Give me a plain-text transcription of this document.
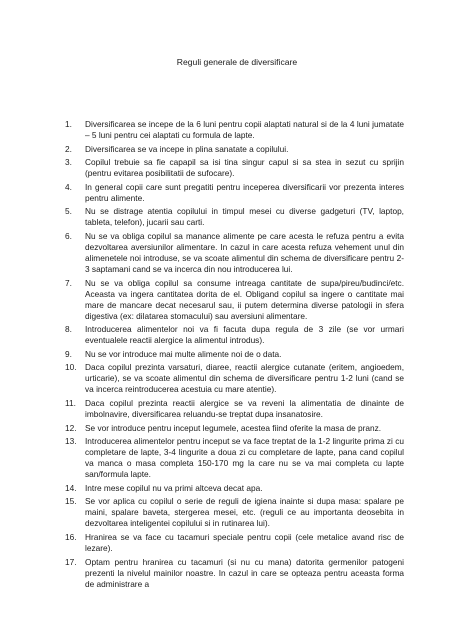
Reguli generale de diversificare
1.	Diversificarea se incepe de la 6 luni pentru copii alaptati natural si de la 4 luni jumatate – 5 luni pentru cei alaptati cu formula de lapte.
2.	Diversificarea se va incepe in plina sanatate a copilului.
3.	Copilul trebuie sa fie capapil sa isi tina singur capul si sa stea in sezut cu sprijin (pentru evitarea posibilitatii de sufocare).
4.	In general copii care sunt pregatiti pentru inceperea diversificarii vor prezenta interes pentru alimente.
5.	Nu se distrage atentia copilului in timpul mesei cu diverse gadgeturi (TV, laptop, tableta, telefon), jucarii sau carti.
6.	Nu se va obliga copilul sa manance alimente pe care acesta le refuza pentru a evita dezvoltarea aversiunilor alimentare. In cazul in care acesta refuza vehement unul din alimenetele noi introduse, se va scoate alimentul din schema de diversificare pentru 2-3 saptamani cand se va incerca din nou introducerea lui.
7.	Nu se va obliga copilul sa consume intreaga cantitate de supa/pireu/budinci/etc. Aceasta va ingera cantitatea dorita de el. Obligand copilul sa ingere o cantitate mai mare de mancare decat necesarul sau, ii putem determina diverse patologii in sfera digestiva (ex: dilatarea stomacului) sau aversiuni alimentare.
8.	Introducerea alimentelor noi va fi facuta dupa regula de 3 zile (se vor urmari eventualele reactii alergice la alimentul introdus).
9.	Nu se vor introduce mai multe alimente noi de o data.
10.	Daca copilul prezinta varsaturi, diaree, reactii alergice cutanate (eritem, angioedem, urticarie), se va scoate alimentul din schema de diversificare pentru 1-2 luni (cand se va incerca reintroducerea acestuia cu mare atentie).
11.	Daca copilul prezinta reactii alergice se va reveni la alimentatia de dinainte de imbolnavire, diversificarea reluandu-se treptat dupa insanatosire.
12.	Se vor introduce pentru inceput legumele, acestea fiind oferite la masa de pranz.
13.	Introducerea alimentelor pentru inceput se va face treptat de la 1-2 lingurite prima zi cu completare de lapte, 3-4 lingurite a doua zi cu completare de lapte, pana cand copilul va manca o masa completa 150-170 mg la care nu se va mai completa cu lapte san/formula lapte.
14.	Intre mese copilul nu va primi altceva decat apa.
15.	Se vor aplica cu copilul o serie de reguli de igiena inainte si dupa masa: spalare pe maini, spalare baveta, stergerea mesei, etc. (reguli ce au importanta deosebita in dezvoltarea inteligentei copilului si in rutinarea lui).
16.	Hranirea se va face cu tacamuri speciale pentru copii (cele metalice avand risc de lezare).
17.	Optam pentru hranirea cu tacamuri (si nu cu mana) datorita germenilor patogeni prezenti la nivelul mainilor noastre. In cazul in care se opteaza pentru aceasta forma de administrare a
